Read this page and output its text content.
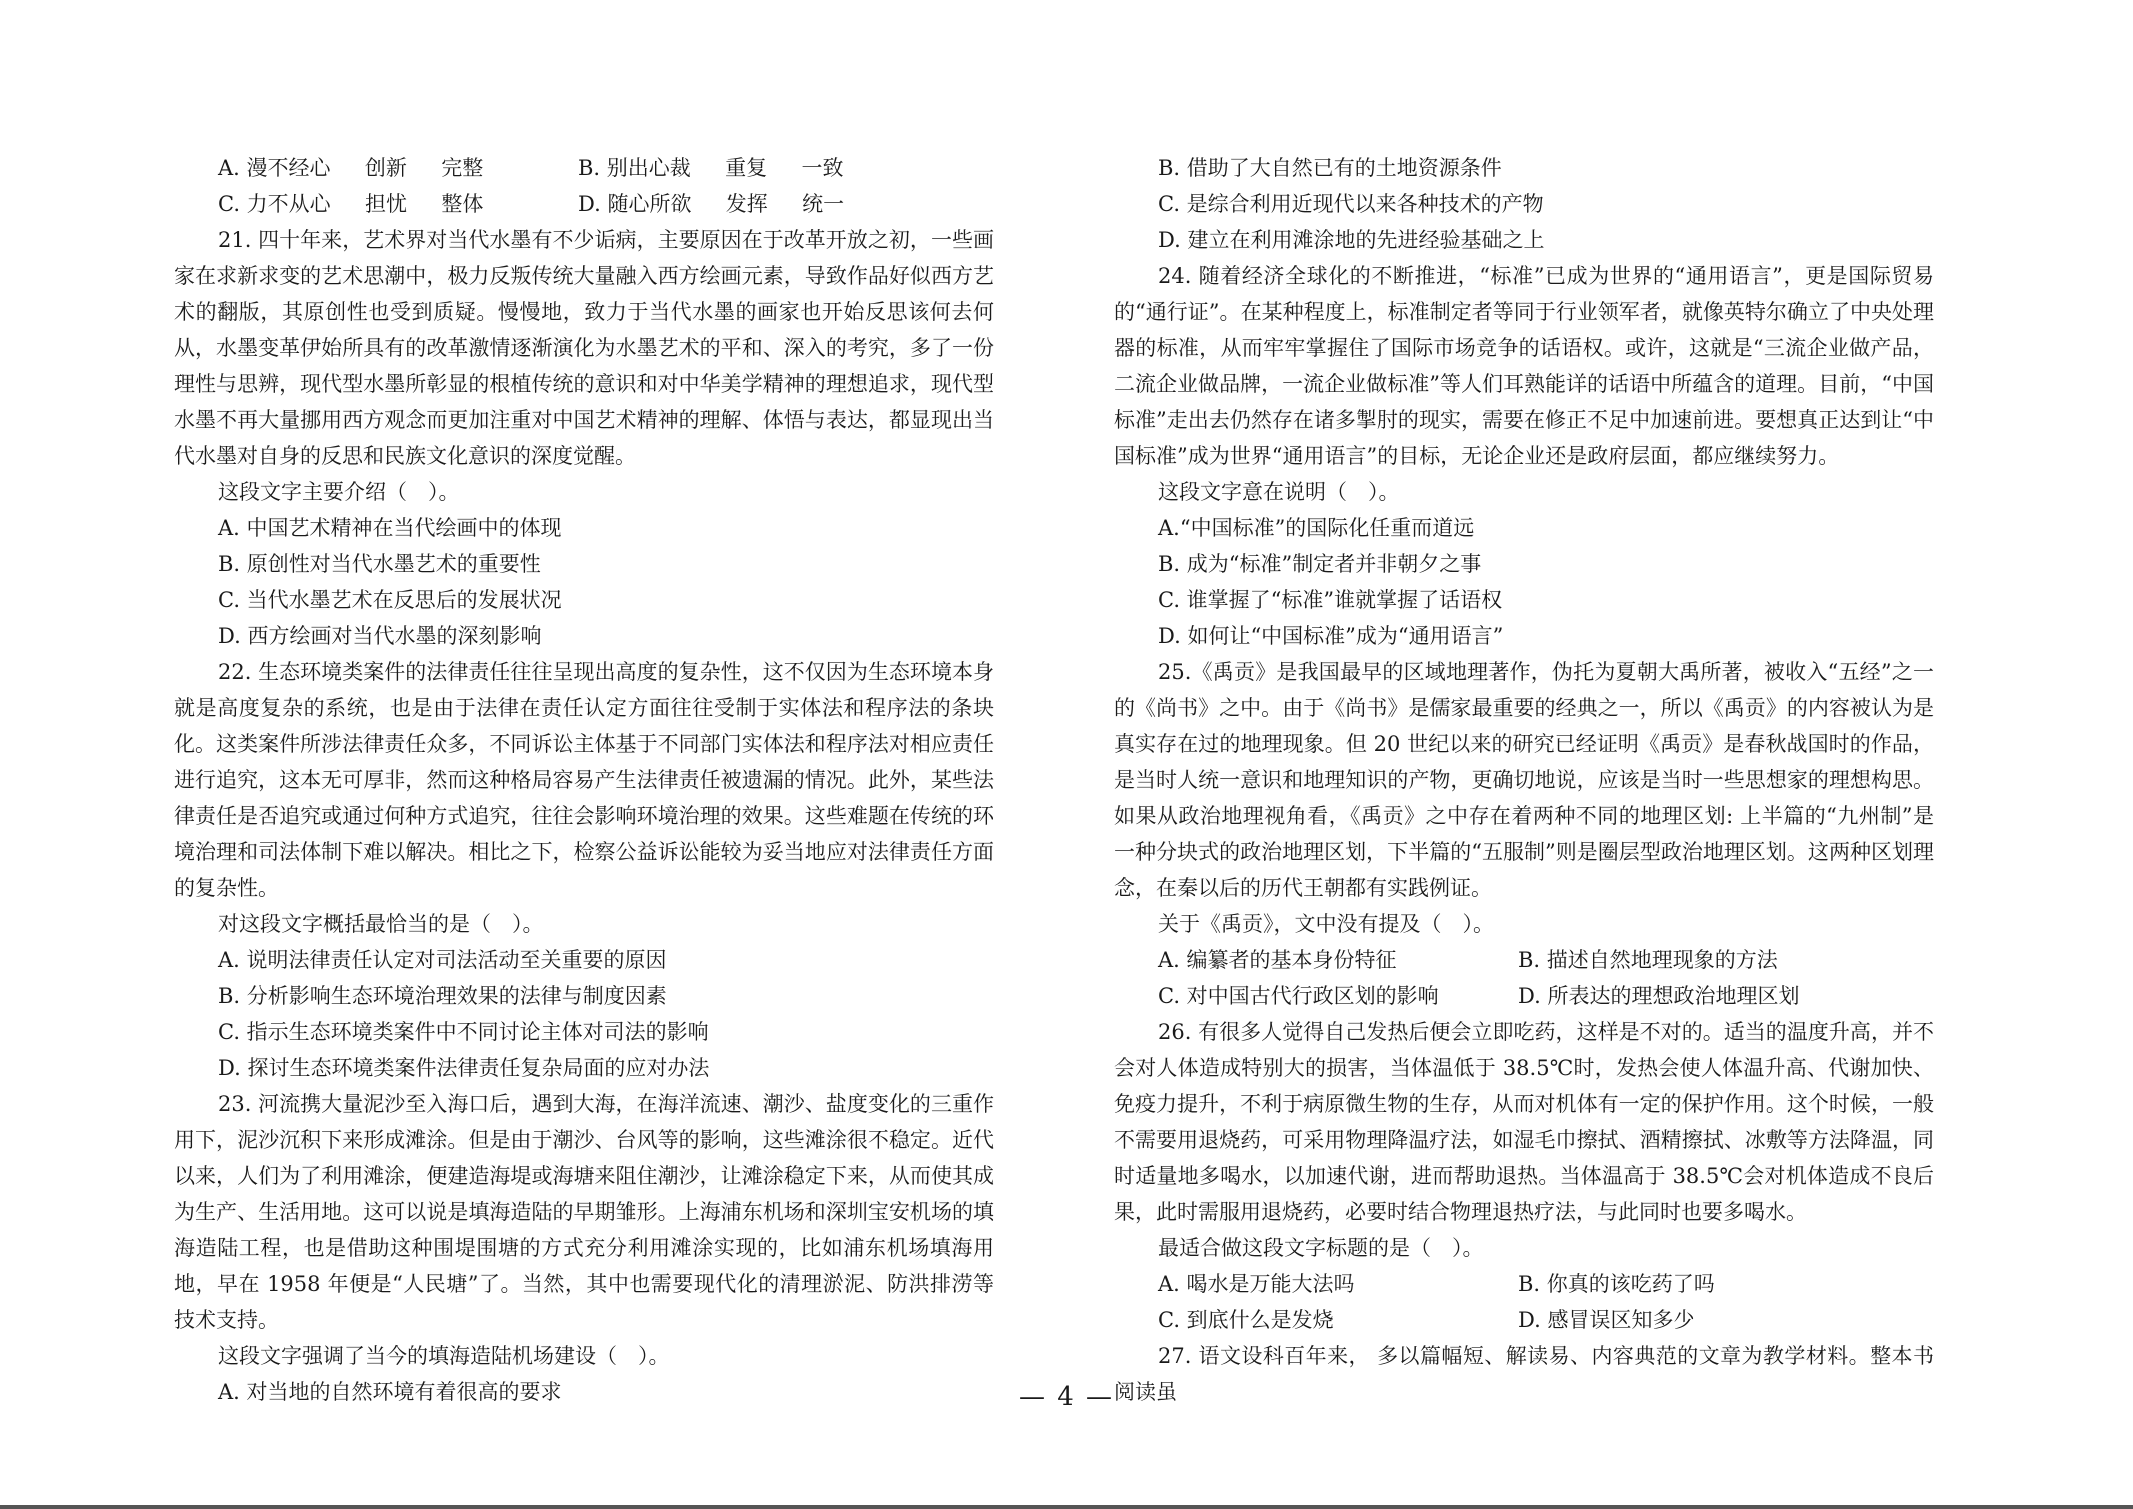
A. 漫不经心　  创新　  完整	B. 别出心裁　  重复　  一致
C. 力不从心　  担忧　  整体	D. 随心所欲　  发挥　  统一

21. 四十年来，艺术界对当代水墨有不少诟病，主要原因在于改革开放之初，一些画家在求新求变的艺术思潮中，极力反叛传统大量融入西方绘画元素，导致作品好似西方艺术的翻版，其原创性也受到质疑。慢慢地，致力于当代水墨的画家也开始反思该何去何从，水墨变革伊始所具有的改革激情逐渐演化为水墨艺术的平和、深入的考究，多了一份理性与思辨，现代型水墨所彰显的根植传统的意识和对中华美学精神的理想追求，现代型水墨不再大量挪用西方观念而更加注重对中国艺术精神的理解、体悟与表达，都显现出当代水墨对自身的反思和民族文化意识的深度觉醒。

这段文字主要介绍（　）。

A. 中国艺术精神在当代绘画中的体现

B. 原创性对当代水墨艺术的重要性

C. 当代水墨艺术在反思后的发展状况

D. 西方绘画对当代水墨的深刻影响

22. 生态环境类案件的法律责任往往呈现出高度的复杂性，这不仅因为生态环境本身就是高度复杂的系统，也是由于法律在责任认定方面往往受制于实体法和程序法的条块化。这类案件所涉法律责任众多，不同诉讼主体基于不同部门实体法和程序法对相应责任进行追究，这本无可厚非，然而这种格局容易产生法律责任被遗漏的情况。此外，某些法律责任是否追究或通过何种方式追究，往往会影响环境治理的效果。这些难题在传统的环境治理和司法体制下难以解决。相比之下，检察公益诉讼能较为妥当地应对法律责任方面的复杂性。

对这段文字概括最恰当的是（　）。

A. 说明法律责任认定对司法活动至关重要的原因

B. 分析影响生态环境治理效果的法律与制度因素

C. 指示生态环境类案件中不同讨论主体对司法的影响

D. 探讨生态环境类案件法律责任复杂局面的应对办法

23. 河流携大量泥沙至入海口后，遇到大海，在海洋流速、潮沙、盐度变化的三重作用下，泥沙沉积下来形成滩涂。但是由于潮沙、台风等的影响，这些滩涂很不稳定。近代以来，人们为了利用滩涂，便建造海堤或海塘来阻住潮沙，让滩涂稳定下来，从而使其成为生产、生活用地。这可以说是填海造陆的早期雏形。上海浦东机场和深圳宝安机场的填海造陆工程，也是借助这种围堤围塘的方式充分利用滩涂实现的，比如浦东机场填海用地，早在 1958 年便是“人民塘”了。当然，其中也需要现代化的清理淤泥、防洪排涝等技术支持。

这段文字强调了当今的填海造陆机场建设（　）。

A. 对当地的自然环境有着很高的要求

B. 借助了大自然已有的土地资源条件

C. 是综合利用近现代以来各种技术的产物

D. 建立在利用滩涂地的先进经验基础之上

24. 随着经济全球化的不断推进，“标准”已成为世界的“通用语言”，更是国际贸易的“通行证”。在某种程度上，标准制定者等同于行业领军者，就像英特尔确立了中央处理器的标准，从而牢牢掌握住了国际市场竞争的话语权。或许，这就是“三流企业做产品，二流企业做品牌，一流企业做标准”等人们耳熟能详的话语中所蕴含的道理。目前，“中国标准”走出去仍然存在诸多掣肘的现实，需要在修正不足中加速前进。要想真正达到让“中国标准”成为世界“通用语言”的目标，无论企业还是政府层面，都应继续努力。

这段文字意在说明（　）。

A.“中国标准”的国际化任重而道远

B. 成为“标准”制定者并非朝夕之事

C. 谁掌握了“标准”谁就掌握了话语权

D. 如何让“中国标准”成为“通用语言”

25.《禹贡》是我国最早的区域地理著作，伪托为夏朝大禹所著，被收入“五经”之一的《尚书》之中。由于《尚书》是儒家最重要的经典之一，所以《禹贡》的内容被认为是真实存在过的地理现象。但 20 世纪以来的研究已经证明《禹贡》是春秋战国时的作品，是当时人统一意识和地理知识的产物，更确切地说，应该是当时一些思想家的理想构思。如果从政治地理视角看，《禹贡》之中存在着两种不同的地理区划: 上半篇的“九州制”是一种分块式的政治地理区划，下半篇的“五服制”则是圈层型政治地理区划。这两种区划理念，在秦以后的历代王朝都有实践例证。

关于《禹贡》，文中没有提及（　）。

A. 编纂者的基本身份特征	B. 描述自然地理现象的方法
C. 对中国古代行政区划的影响	D. 所表达的理想政治地理区划

26. 有很多人觉得自己发热后便会立即吃药，这样是不对的。适当的温度升高，并不会对人体造成特别大的损害，当体温低于 38.5℃时，发热会使人体温升高、代谢加快、免疫力提升，不利于病原微生物的生存，从而对机体有一定的保护作用。这个时候，一般不需要用退烧药，可采用物理降温疗法，如湿毛巾擦拭、酒精擦拭、冰敷等方法降温，同时适量地多喝水，以加速代谢，进而帮助退热。当体温高于 38.5℃会对机体造成不良后果，此时需服用退烧药，必要时结合物理退热疗法，与此同时也要多喝水。

最适合做这段文字标题的是（　）。

A. 喝水是万能大法吗	B. 你真的该吃药了吗
C. 到底什么是发烧	D. 感冒误区知多少

27. 语文设科百年来， 多以篇幅短、解读易、内容典范的文章为教学材料。整本书阅读虽

— 4 —
